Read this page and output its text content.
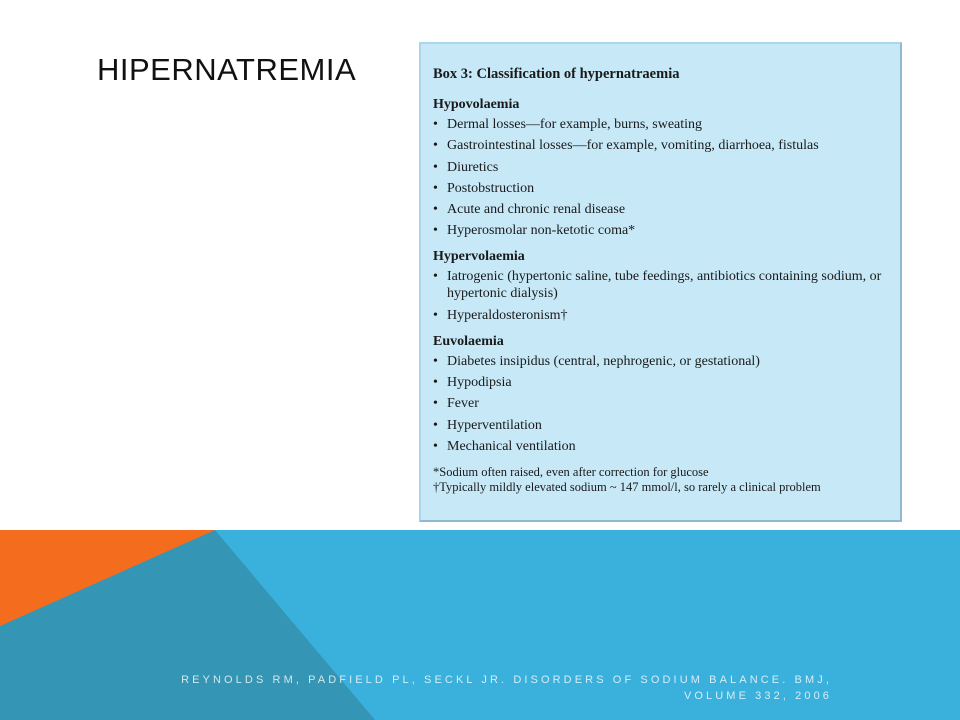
HIPERNATREMIA	Box 3: Classification of hypernatraemia
Hypovolaemia
• Dermal losses—for example, burns, sweating
• Gastrointestinal losses—for example, vomiting, diarrhoea, fistulas
• Diuretics
• Postobstruction
• Acute and chronic renal disease
• Hyperosmolar non-ketotic coma*
Hypervolaemia
• Iatrogenic (hypertonic saline, tube feedings, antibiotics containing sodium, or hypertonic dialysis)
• Hyperaldosteronism†
Euvolaemia
• Diabetes insipidus (central, nephrogenic, or gestational)
• Hypodipsia
• Fever
• Hyperventilation
• Mechanical ventilation
*Sodium often raised, even after correction for glucose
†Typically mildly elevated sodium ~ 147 mmol/l, so rarely a clinical problem
REYNOLDS RM, PADFIELD PL, SECKL JR. DISORDERS OF SODIUM BALANCE. BMJ, VOLUME 332, 2006
